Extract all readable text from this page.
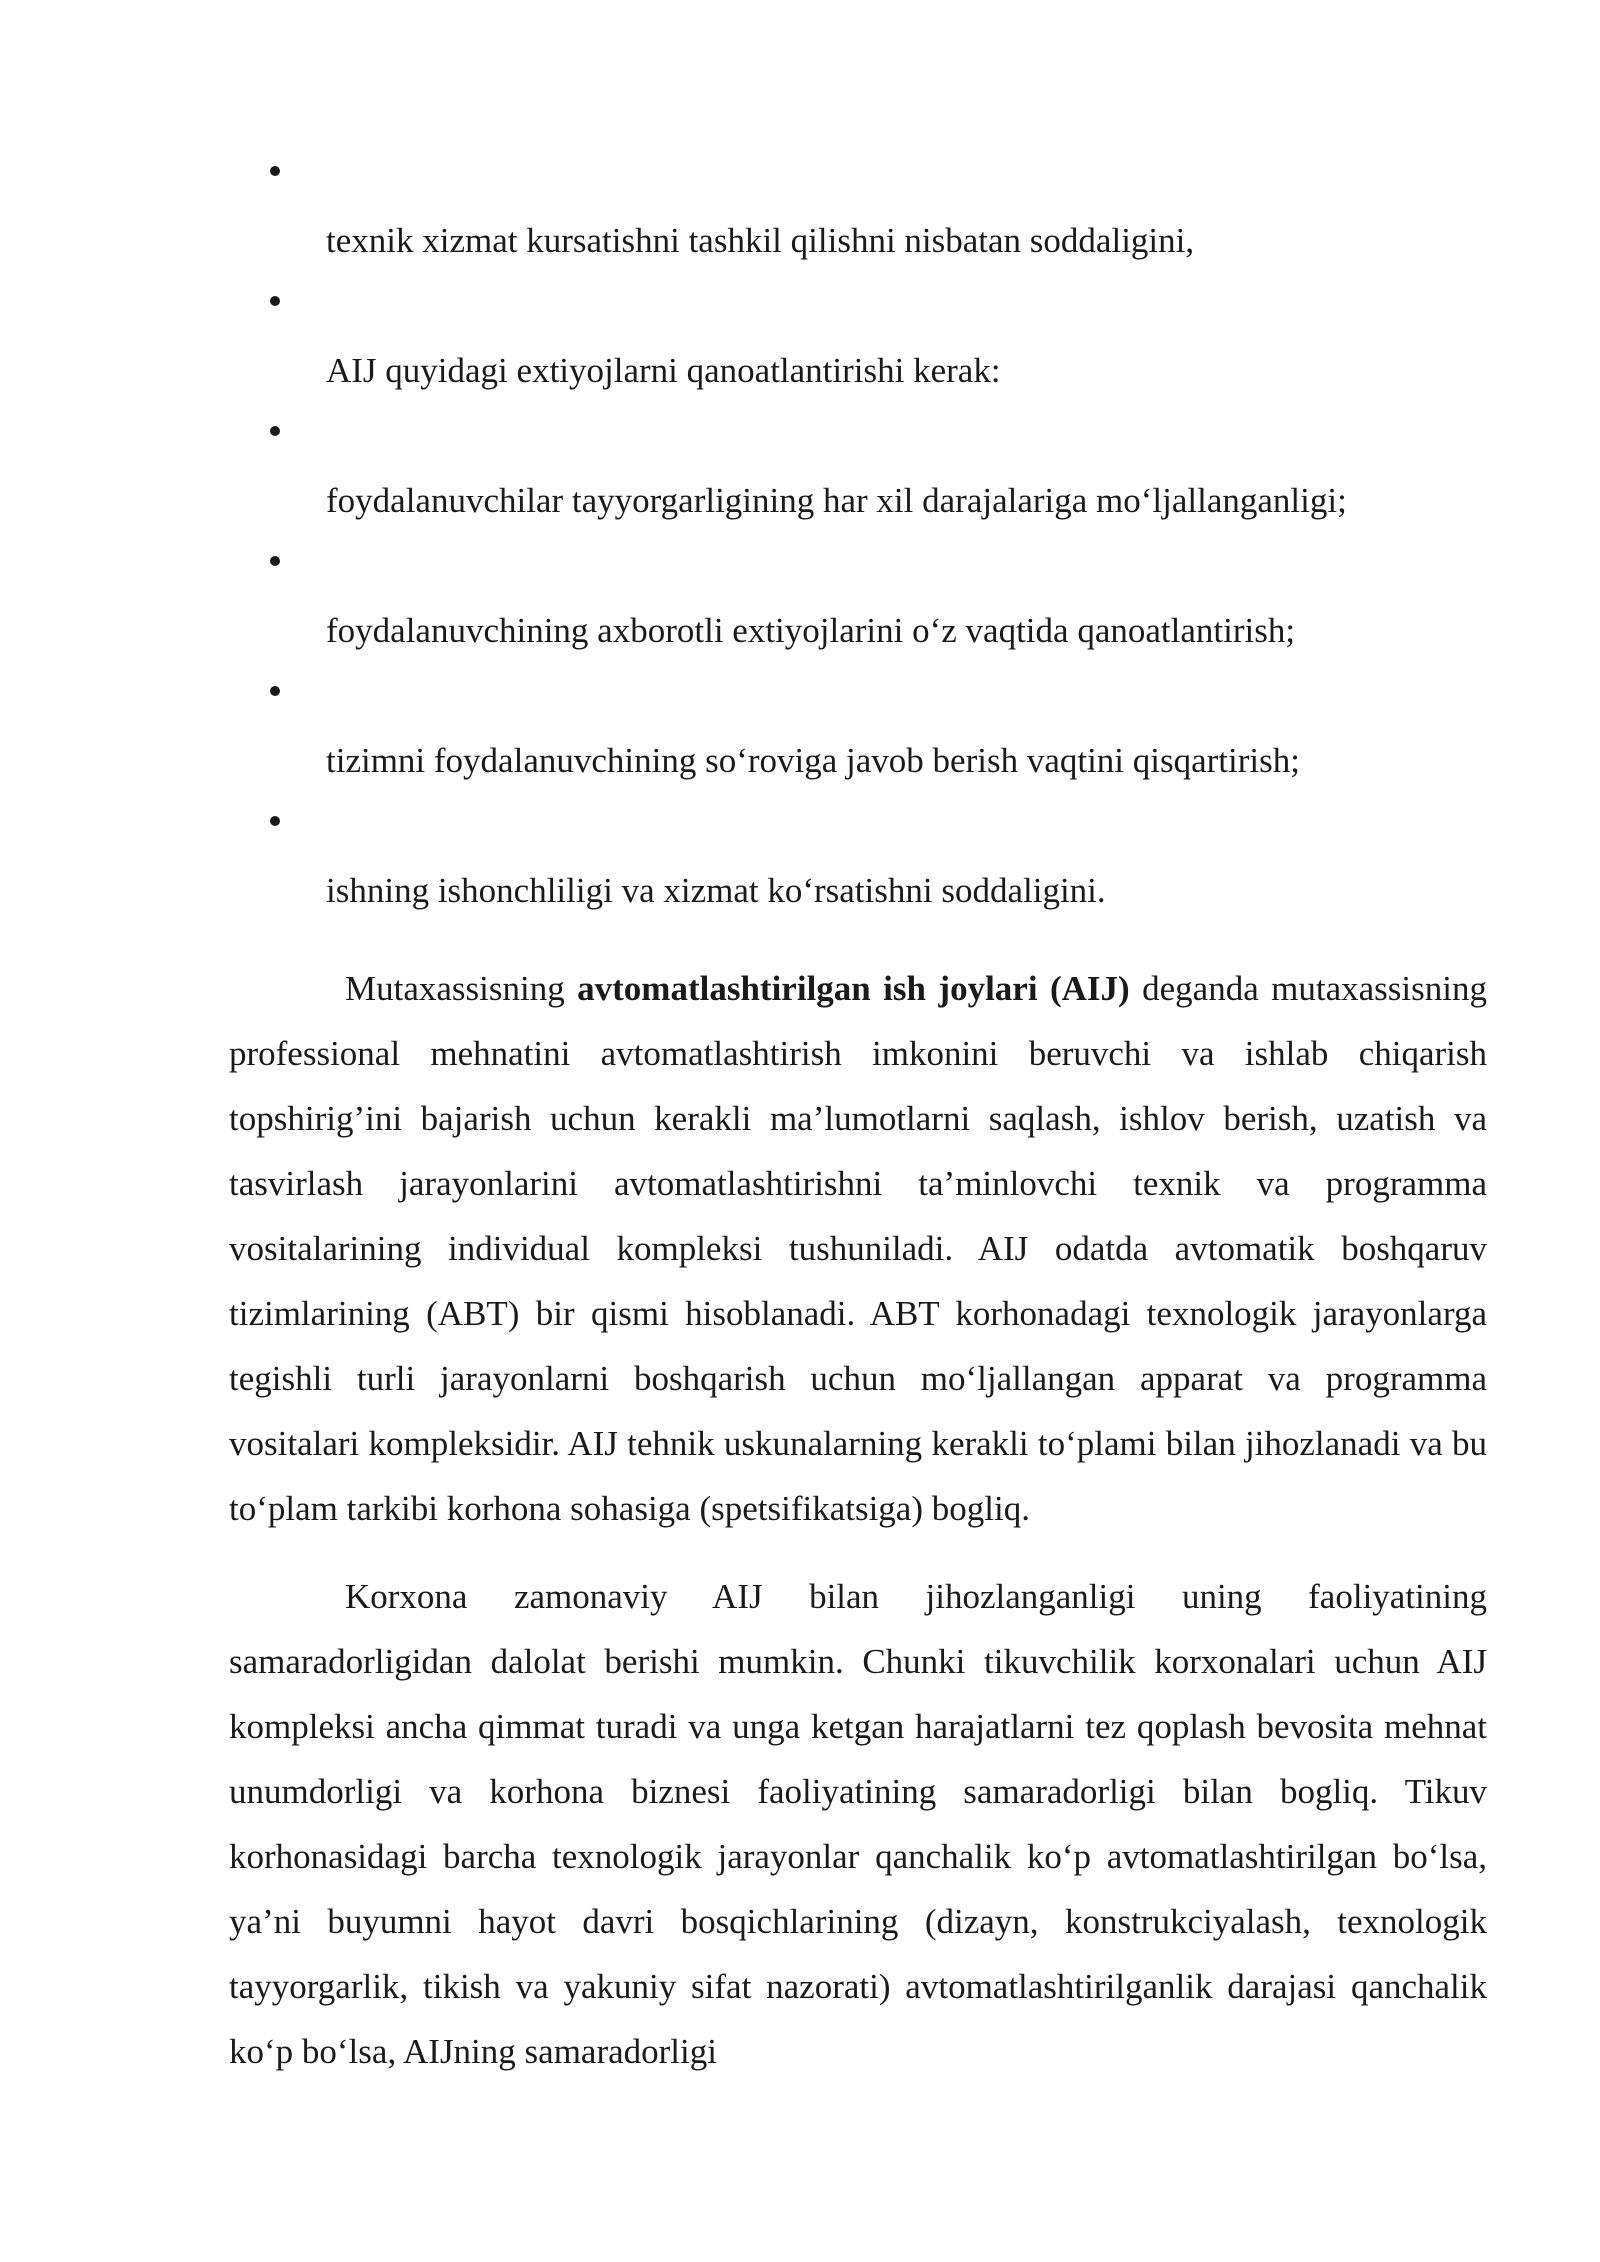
texnik xizmat kursatishni tashkil qilishni nisbatan soddaligini,
AIJ quyidagi extiyojlarni qanoatlantirishi kerak:
foydalanuvchilar tayyorgarligining har xil darajalariga mo‘ljallanganligi;
foydalanuvchining axborotli extiyojlarini o‘z vaqtida qanoatlantirish;
tizimni foydalanuvchining so‘roviga javob berish vaqtini qisqartirish;
ishning ishonchliligi va xizmat ko‘rsatishni soddaligini.

Mutaxassisning avtomatlashtirilgan ish joylari (AIJ) deganda mutaxassisning professional mehnatini avtomatlashtirish imkonini beruvchi va ishlab chiqarish topshirig’ini bajarish uchun kerakli ma’lumotlarni saqlash, ishlov berish, uzatish va tasvirlash jarayonlarini avtomatlashtirishni ta’minlovchi texnik va programma vositalarining individual kompleksi tushuniladi. AIJ odatda avtomatik boshqaruv tizimlarining (ABT) bir qismi hisoblanadi. ABT korhonadagi texnologik jarayonlarga tegishli turli jarayonlarni boshqarish uchun mo‘ljallangan apparat va programma vositalari kompleksidir. AIJ tehnik uskunalarning kerakli to‘plami bilan jihozlanadi va bu to‘plam tarkibi korhona sohasiga (spetsifikatsiga) bogliq.

Korxona zamonaviy AIJ bilan jihozlanganligi uning faoliyatining samaradorligidan dalolat berishi mumkin. Chunki tikuvchilik korxonalari uchun AIJ kompleksi ancha qimmat turadi va unga ketgan harajatlarni tez qoplash bevosita mehnat unumdorligi va korhona biznesi faoliyatining samaradorligi bilan bogliq. Tikuv korhonasidagi barcha texnologik jarayonlar qanchalik ko‘p avtomatlashtirilgan bo‘lsa, ya’ni buyumni hayot davri bosqichlarining (dizayn, konstrukciyalash, texnologik tayyorgarlik, tikish va yakuniy sifat nazorati) avtomatlashtirilganlik darajasi qanchalik ko‘p bo‘lsa, AIJning samaradorligi
